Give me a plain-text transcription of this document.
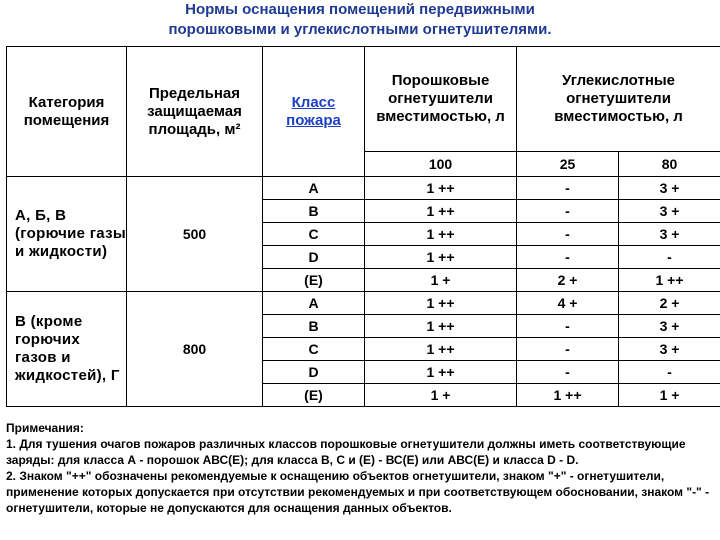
Нормы оснащения помещений передвижными
порошковыми и углекислотными огнетушителями.
Категория помещения	Предельная защищаемая площадь, м²	Класс пожара	Порошковые огнетушители вместимостью, л	Углекислотные огнетушители вместимостью, л	
			100	25	80
А, Б, В (горючие газы и жидкости)	500	А	1 ++	-	3 +
		В	1 ++	-	3 +
		С	1 ++	-	3 +
		D	1 ++	-	-
		(Е)	1 +	2 +	1 ++
В (кроме горючих газов и жидкостей), Г	800	А	1 ++	4 +	2 +
		В	1 ++	-	3 +
		С	1 ++	-	3 +
		D	1 ++	-	-
		(Е)	1 +	1 ++	1 +
Примечания:
1. Для тушения очагов пожаров различных классов порошковые огнетушители должны иметь соответствующие заряды: для класса А - порошок АВС(Е); для класса В, С и (Е) - ВС(Е) или АВС(Е) и класса D - D.
2. Знаком "++" обозначены рекомендуемые к оснащению объектов огнетушители, знаком "+" - огнетушители, применение которых допускается при отсутствии рекомендуемых и при соответствующем обосновании, знаком "-" - огнетушители, которые не допускаются для оснащения данных объектов.
